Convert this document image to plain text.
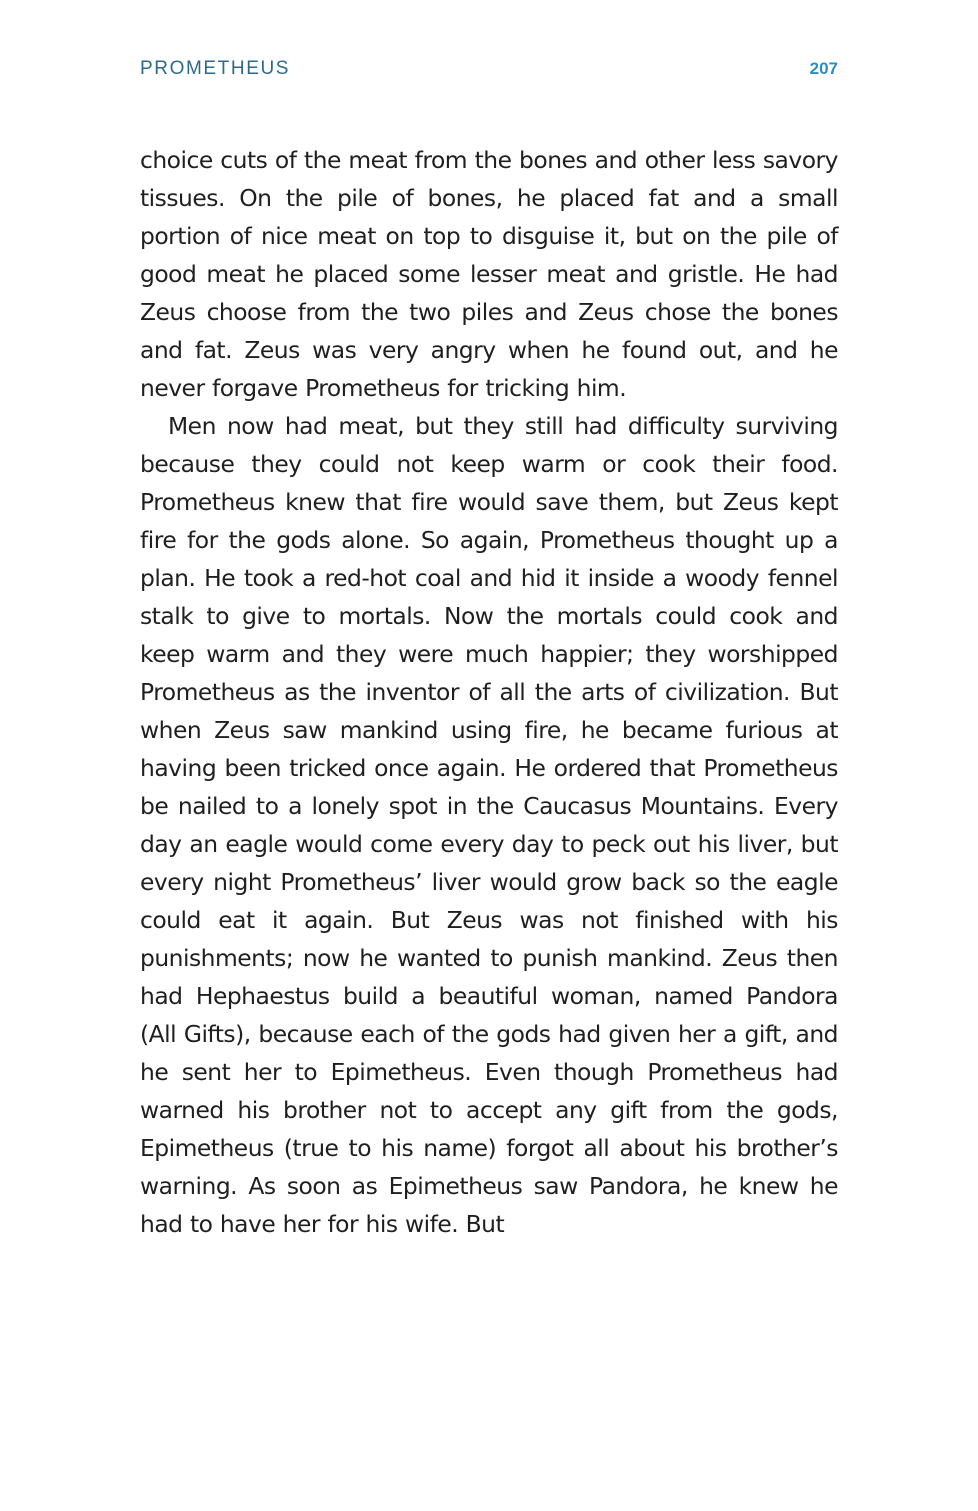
PROMETHEUS	207

choice cuts of the meat from the bones and other less savory tissues. On the pile of bones, he placed fat and a small portion of nice meat on top to disguise it, but on the pile of good meat he placed some lesser meat and gristle. He had Zeus choose from the two piles and Zeus chose the bones and fat. Zeus was very angry when he found out, and he never forgave Prometheus for tricking him.

Men now had meat, but they still had difficulty surviving because they could not keep warm or cook their food. Prometheus knew that fire would save them, but Zeus kept fire for the gods alone. So again, Prometheus thought up a plan. He took a red-hot coal and hid it inside a woody fennel stalk to give to mortals. Now the mortals could cook and keep warm and they were much happier; they worshipped Prometheus as the inventor of all the arts of civilization. But when Zeus saw mankind using fire, he became furious at having been tricked once again. He ordered that Prometheus be nailed to a lonely spot in the Caucasus Mountains. Every day an eagle would come every day to peck out his liver, but every night Prometheus’ liver would grow back so the eagle could eat it again. But Zeus was not finished with his punishments; now he wanted to punish mankind. Zeus then had Hephaestus build a beautiful woman, named Pandora (All Gifts), because each of the gods had given her a gift, and he sent her to Epimetheus. Even though Prometheus had warned his brother not to accept any gift from the gods, Epimetheus (true to his name) forgot all about his brother’s warning. As soon as Epimetheus saw Pandora, he knew he had to have her for his wife. But
